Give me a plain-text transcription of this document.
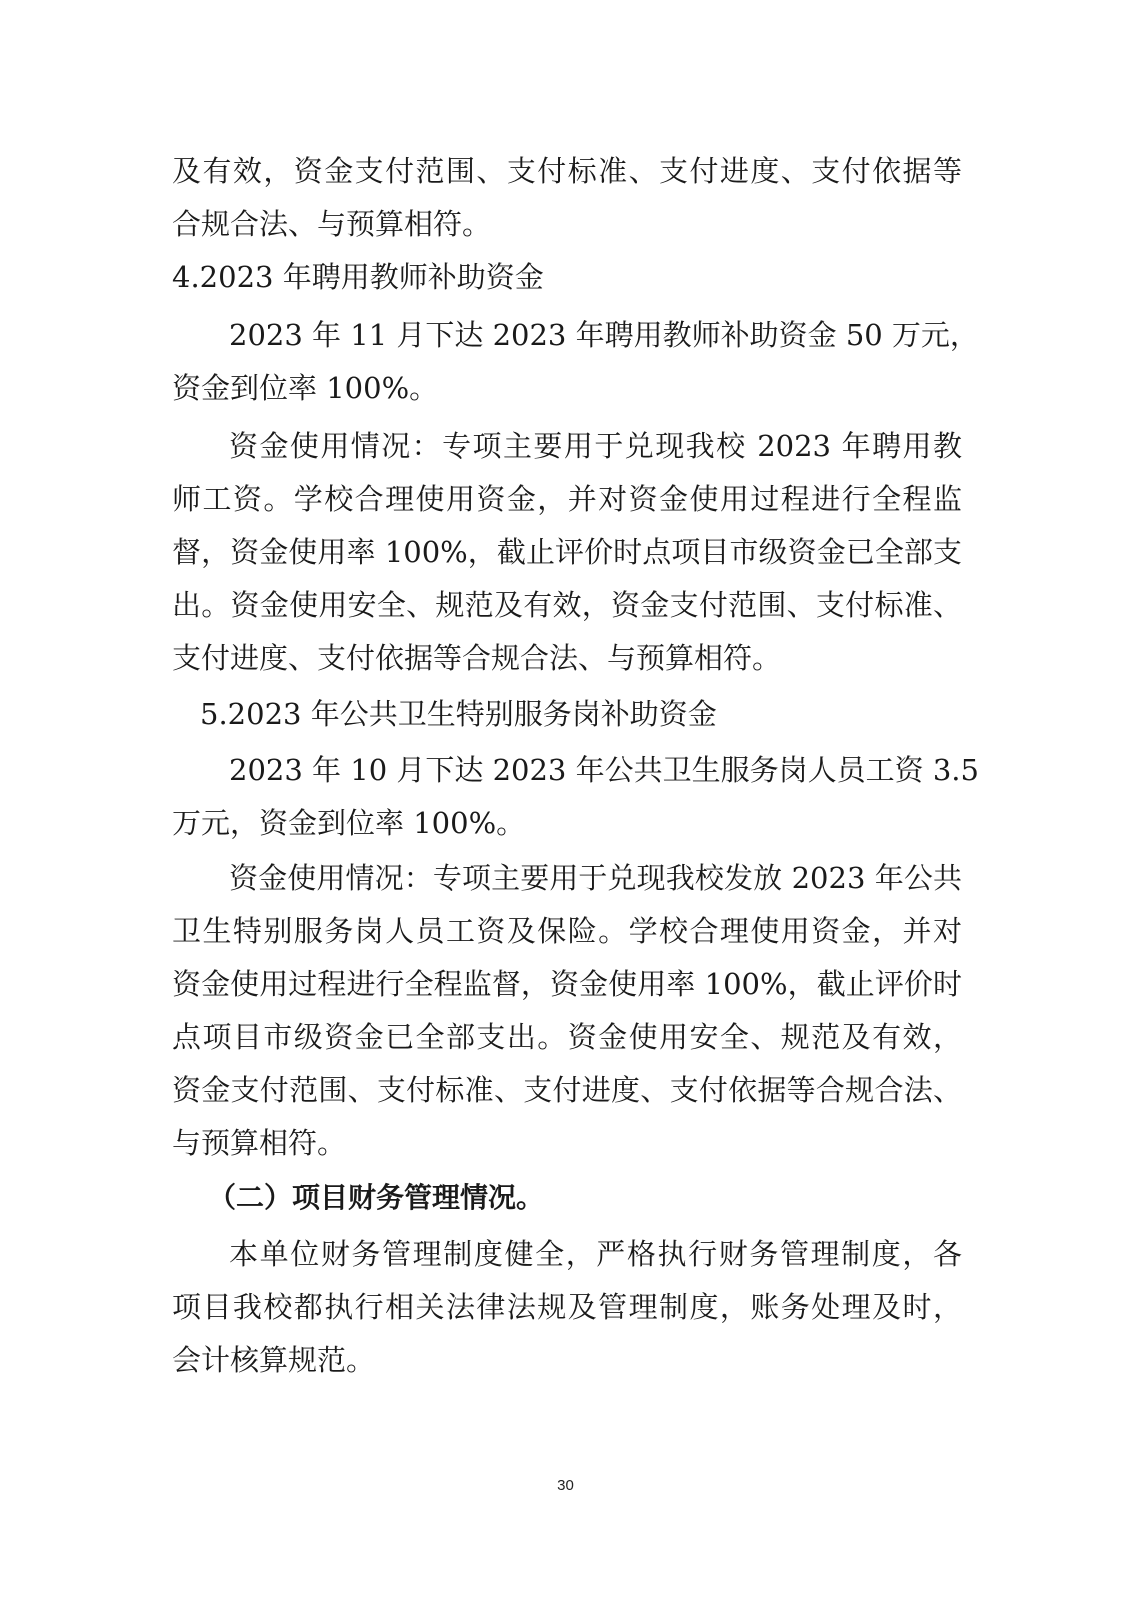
及有效，资金支付范围、支付标准、支付进度、支付依据等
合规合法、与预算相符。
4.2023 年聘用教师补助资金
2023 年 11 月下达 2023 年聘用教师补助资金 50 万元，
资金到位率 100%。
资金使用情况：专项主要用于兑现我校 2023 年聘用教
师工资。学校合理使用资金，并对资金使用过程进行全程监
督，资金使用率 100%，截止评价时点项目市级资金已全部支
出。资金使用安全、规范及有效，资金支付范围、支付标准、
支付进度、支付依据等合规合法、与预算相符。
5.2023 年公共卫生特别服务岗补助资金
2023 年 10 月下达 2023 年公共卫生服务岗人员工资 3.5
万元，资金到位率 100%。
资金使用情况：专项主要用于兑现我校发放 2023 年公共
卫生特别服务岗人员工资及保险。学校合理使用资金，并对
资金使用过程进行全程监督，资金使用率 100%，截止评价时
点项目市级资金已全部支出。资金使用安全、规范及有效，
资金支付范围、支付标准、支付进度、支付依据等合规合法、
与预算相符。
（二）项目财务管理情况。
本单位财务管理制度健全，严格执行财务管理制度，各
项目我校都执行相关法律法规及管理制度，账务处理及时，
会计核算规范。
30
